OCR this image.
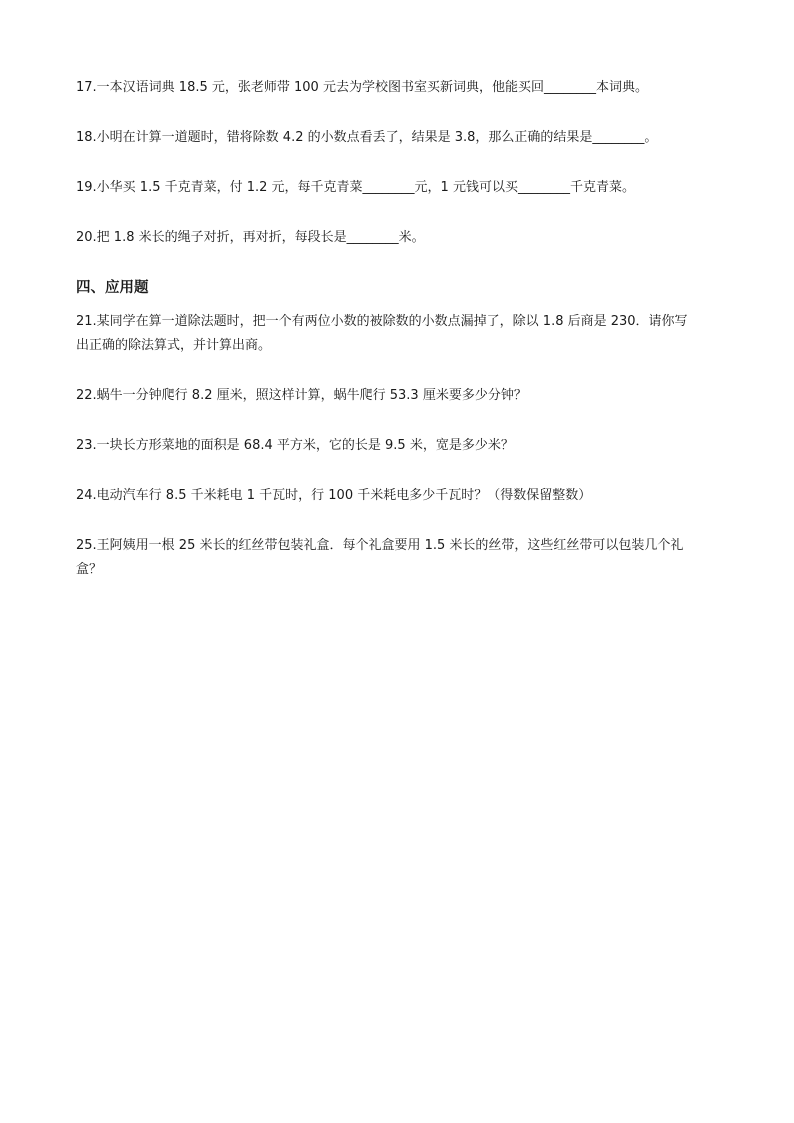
17.一本汉语词典 18.5 元，张老师带 100 元去为学校图书室买新词典，他能买回________本词典。
18.小明在计算一道题时，错将除数 4.2 的小数点看丢了，结果是 3.8，那么正确的结果是________。
19.小华买 1.5 千克青菜，付 1.2 元，每千克青菜________元，1 元钱可以买________千克青菜。
20.把 1.8 米长的绳子对折，再对折，每段长是________米。
四、应用题
21.某同学在算一道除法题时，把一个有两位小数的被除数的小数点漏掉了，除以 1.8 后商是 230．请你写
出正确的除法算式，并计算出商。
22.蜗牛一分钟爬行 8.2 厘米，照这样计算，蜗牛爬行 53.3 厘米要多少分钟？
23.一块长方形菜地的面积是 68.4 平方米，它的长是 9.5 米，宽是多少米？
24.电动汽车行 8.5 千米耗电 1 千瓦时，行 100 千米耗电多少千瓦时？（得数保留整数）
25.王阿姨用一根 25 米长的红丝带包装礼盒．每个礼盒要用 1.5 米长的丝带，这些红丝带可以包装几个礼
盒？
